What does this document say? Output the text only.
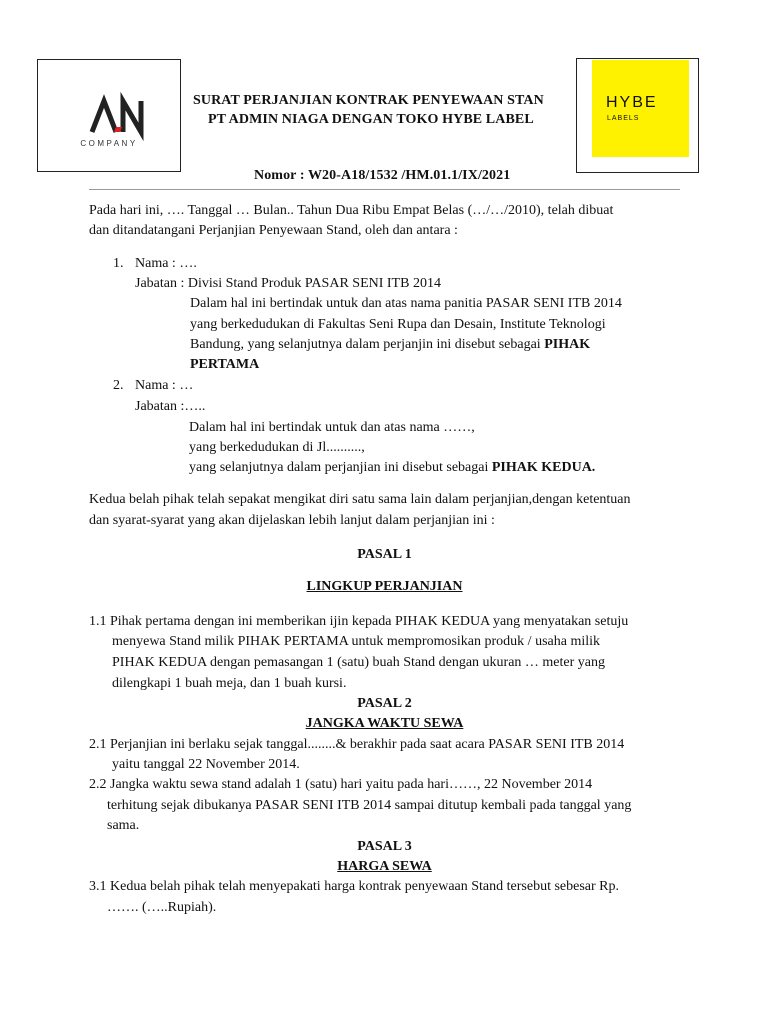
COMPANY
HYBE
LABELS
SURAT PERJANJIAN KONTRAK PENYEWAAN STAN
PT ADMIN NIAGA DENGAN TOKO HYBE LABEL
Nomor : W20-A18/1532 /HM.01.1/IX/2021
Pada hari ini, …. Tanggal … Bulan.. Tahun Dua Ribu Empat Belas (…/…/2010), telah dibuat
dan ditandatangani Perjanjian Penyewaan Stand, oleh dan antara :
1. Nama : ….
Jabatan : Divisi Stand Produk PASAR SENI ITB 2014
Dalam hal ini bertindak untuk dan atas nama panitia PASAR SENI ITB 2014
yang berkedudukan di Fakultas Seni Rupa dan Desain, Institute Teknologi
Bandung, yang selanjutnya dalam perjanjin ini disebut sebagai PIHAK
PERTAMA
2. Nama : …
Jabatan :…..
Dalam hal ini bertindak untuk dan atas nama ……,
yang berkedudukan di Jl..........,
yang selanjutnya dalam perjanjian ini disebut sebagai PIHAK KEDUA.
Kedua belah pihak telah sepakat mengikat diri satu sama lain dalam perjanjian,dengan ketentuan
dan syarat-syarat yang akan dijelaskan lebih lanjut dalam perjanjian ini :
PASAL 1
LINGKUP PERJANJIAN
1.1 Pihak pertama dengan ini memberikan ijin kepada PIHAK KEDUA yang menyatakan setuju
menyewa Stand milik PIHAK PERTAMA untuk mempromosikan produk / usaha milik
PIHAK KEDUA dengan pemasangan 1 (satu) buah Stand dengan ukuran … meter yang
dilengkapi 1 buah meja, dan 1 buah kursi.
PASAL 2
JANGKA WAKTU SEWA
2.1 Perjanjian ini berlaku sejak tanggal........& berakhir pada saat acara PASAR SENI ITB 2014
yaitu tanggal 22 November 2014.
2.2 Jangka waktu sewa stand adalah 1 (satu) hari yaitu pada hari……, 22 November 2014
terhitung sejak dibukanya PASAR SENI ITB 2014 sampai ditutup kembali pada tanggal yang
sama.
PASAL 3
HARGA SEWA
3.1 Kedua belah pihak telah menyepakati harga kontrak penyewaan Stand tersebut sebesar Rp.
……. (…..Rupiah).
